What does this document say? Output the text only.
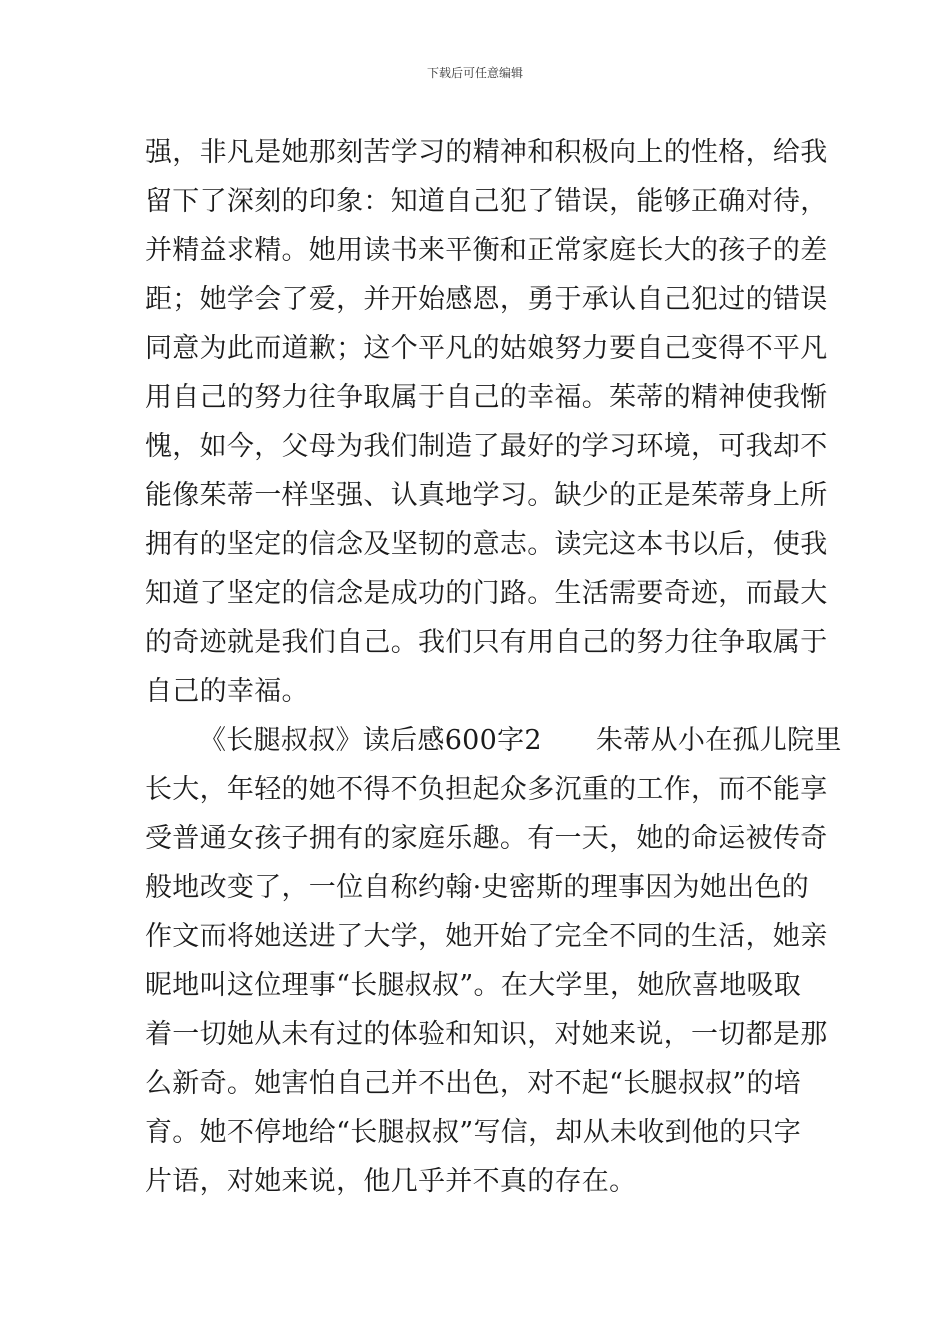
下载后可任意编辑
强，非凡是她那刻苦学习的精神和积极向上的性格，给我
留下了深刻的印象：知道自己犯了错误，能够正确对待，
并精益求精。她用读书来平衡和正常家庭长大的孩子的差
距；她学会了爱，并开始感恩，勇于承认自己犯过的错误
同意为此而道歉；这个平凡的姑娘努力要自己变得不平凡
用自己的努力往争取属于自己的幸福。茱蒂的精神使我惭
愧，如今，父母为我们制造了最好的学习环境，可我却不
能像茱蒂一样坚强、认真地学习。缺少的正是茱蒂身上所
拥有的坚定的信念及坚韧的意志。读完这本书以后，使我
知道了坚定的信念是成功的门路。生活需要奇迹，而最大
的奇迹就是我们自己。我们只有用自己的努力往争取属于
自己的幸福。
《长腿叔叔》读后感600字2 朱蒂从小在孤儿院里
长大，年轻的她不得不负担起众多沉重的工作，而不能享
受普通女孩子拥有的家庭乐趣。有一天，她的命运被传奇
般地改变了，一位自称约翰·史密斯的理事因为她出色的
作文而将她送进了大学，她开始了完全不同的生活，她亲
昵地叫这位理事“长腿叔叔”。在大学里，她欣喜地吸取
着一切她从未有过的体验和知识，对她来说，一切都是那
么新奇。她害怕自己并不出色，对不起“长腿叔叔”的培
育。她不停地给“长腿叔叔”写信，却从未收到他的只字
片语，对她来说，他几乎并不真的存在。
